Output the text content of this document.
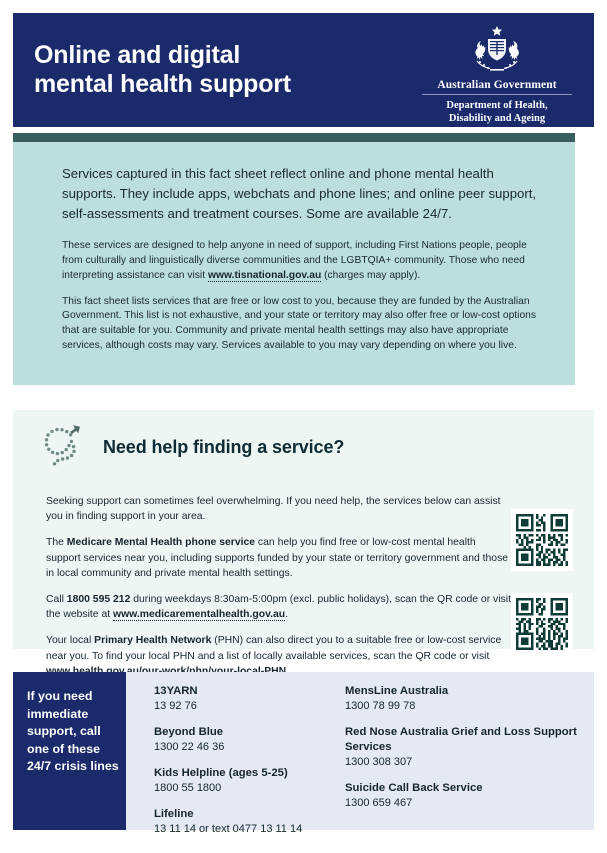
Online and digital
mental health support	Australian Government
Department of Health,
Disability and Ageing

Services captured in this fact sheet reflect online and phone mental health supports. They include apps, webchats and phone lines; and online peer support, self-assessments and treatment courses. Some are available 24/7.

These services are designed to help anyone in need of support, including First Nations people, people from culturally and linguistically diverse communities and the LGBTQIA+ community. Those who need interpreting assistance can visit www.tisnational.gov.au (charges may apply).

This fact sheet lists services that are free or low cost to you, because they are funded by the Australian Government. This list is not exhaustive, and your state or territory may also offer free or low-cost options that are suitable for you. Community and private mental health settings may also have appropriate services, although costs may vary. Services available to you may vary depending on where you live.

Need help finding a service?

Seeking support can sometimes feel overwhelming. If you need help, the services below can assist you in finding support in your area.

The Medicare Mental Health phone service can help you find free or low-cost mental health support services near you, including supports funded by your state or territory government and those in local community and private mental health settings.

Call 1800 595 212 during weekdays 8:30am-5:00pm (excl. public holidays), scan the QR code or visit the website at www.medicarementalhealth.gov.au.

Your local Primary Health Network (PHN) can also direct you to a suitable free or low-cost service near you. To find your local PHN and a list of locally available services, scan the QR code or visit

If you need immediate support, call one of these 24/7 crisis lines
13YARN
13 92 76
Beyond Blue
1300 22 46 36
Kids Helpline (ages 5-25)
1800 55 1800
Lifeline
13 11 14 or text 0477 13 11 14
MensLine Australia
1300 78 99 78
Red Nose Australia Grief and Loss Support Services
1300 308 307
Suicide Call Back Service
1300 659 467
